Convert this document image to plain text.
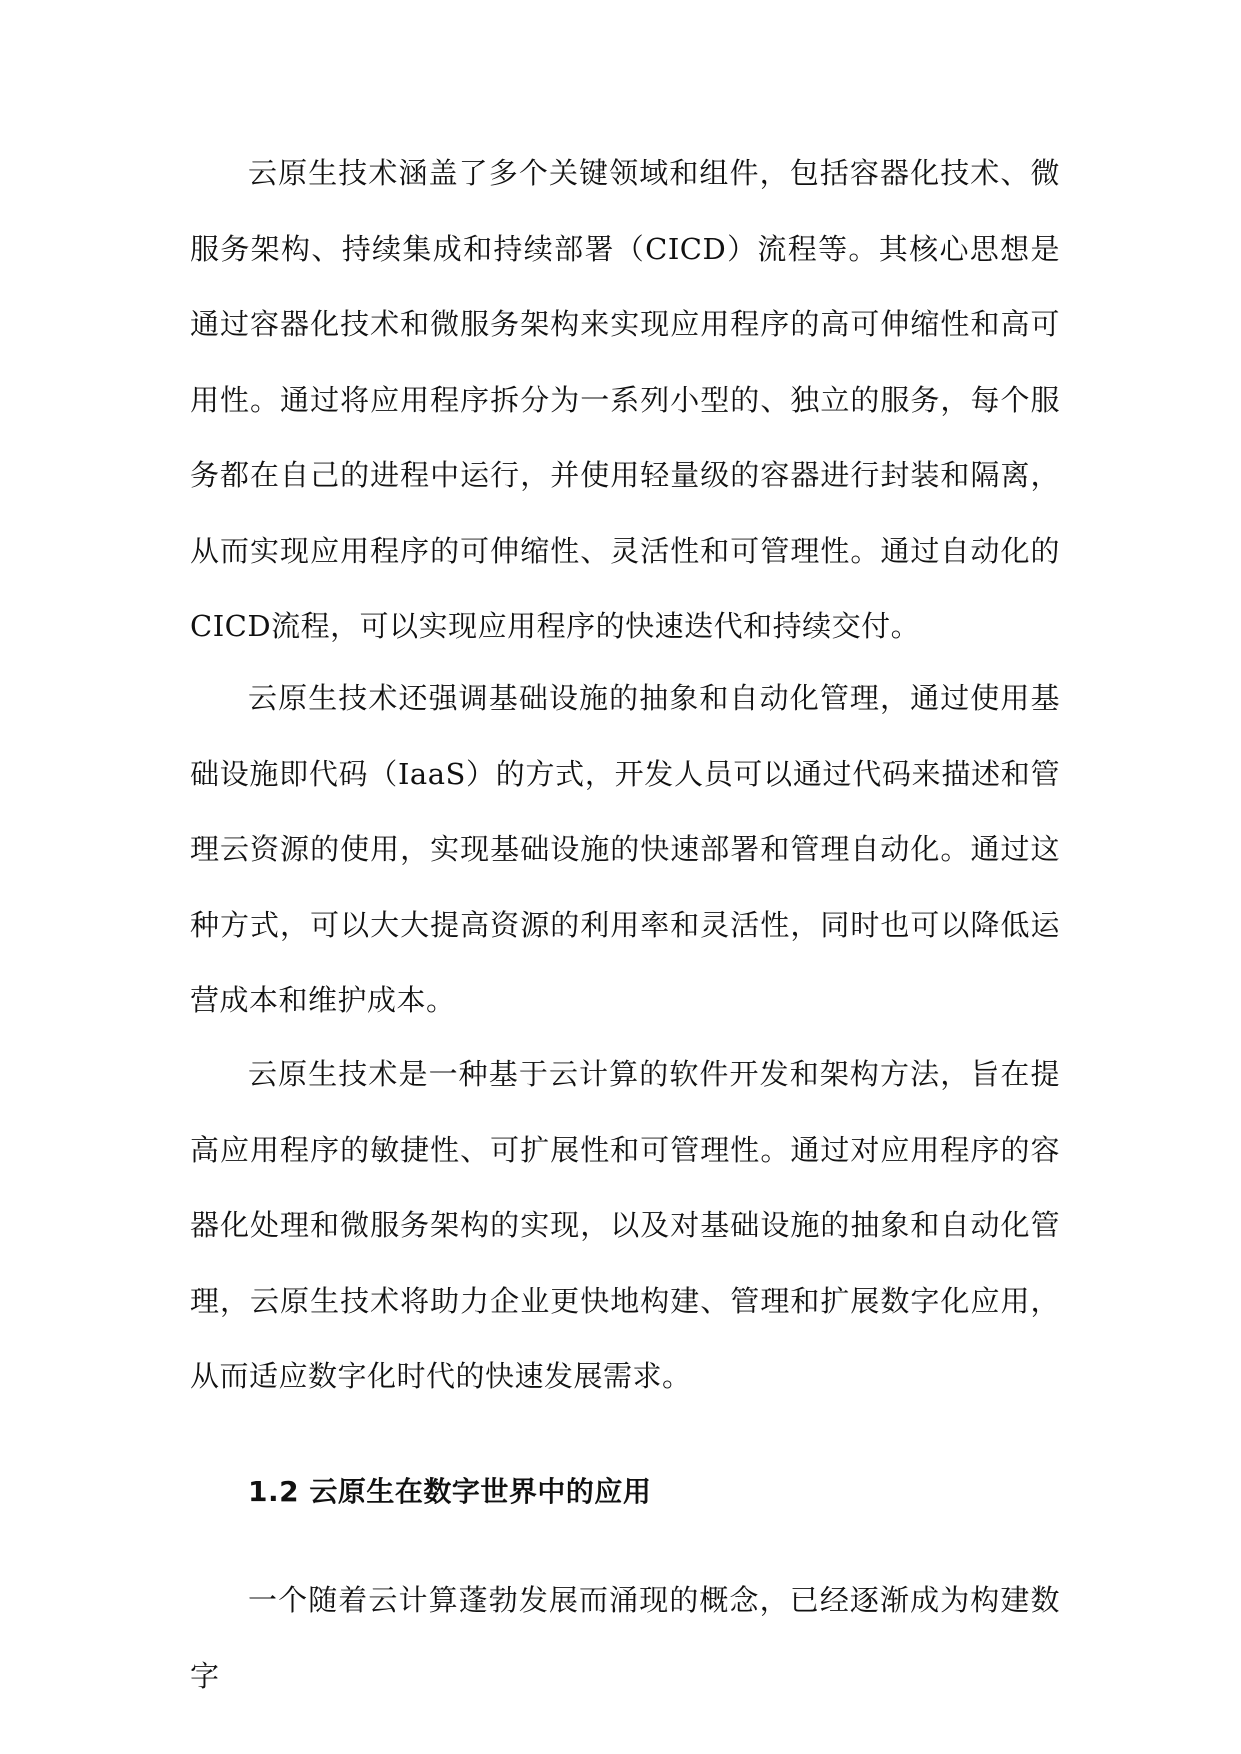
云原生技术涵盖了多个关键领域和组件，包括容器化技术、微服务架构、持续集成和持续部署（CICD）流程等。其核心思想是通过容器化技术和微服务架构来实现应用程序的高可伸缩性和高可用性。通过将应用程序拆分为一系列小型的、独立的服务，每个服务都在自己的进程中运行，并使用轻量级的容器进行封装和隔离，从而实现应用程序的可伸缩性、灵活性和可管理性。通过自动化的CICD流程，可以实现应用程序的快速迭代和持续交付。

云原生技术还强调基础设施的抽象和自动化管理，通过使用基础设施即代码（IaaS）的方式，开发人员可以通过代码来描述和管理云资源的使用，实现基础设施的快速部署和管理自动化。通过这种方式，可以大大提高资源的利用率和灵活性，同时也可以降低运营成本和维护成本。

云原生技术是一种基于云计算的软件开发和架构方法，旨在提高应用程序的敏捷性、可扩展性和可管理性。通过对应用程序的容器化处理和微服务架构的实现，以及对基础设施的抽象和自动化管理，云原生技术将助力企业更快地构建、管理和扩展数字化应用，从而适应数字化时代的快速发展需求。

1.2 云原生在数字世界中的应用

一个随着云计算蓬勃发展而涌现的概念，已经逐渐成为构建数字
